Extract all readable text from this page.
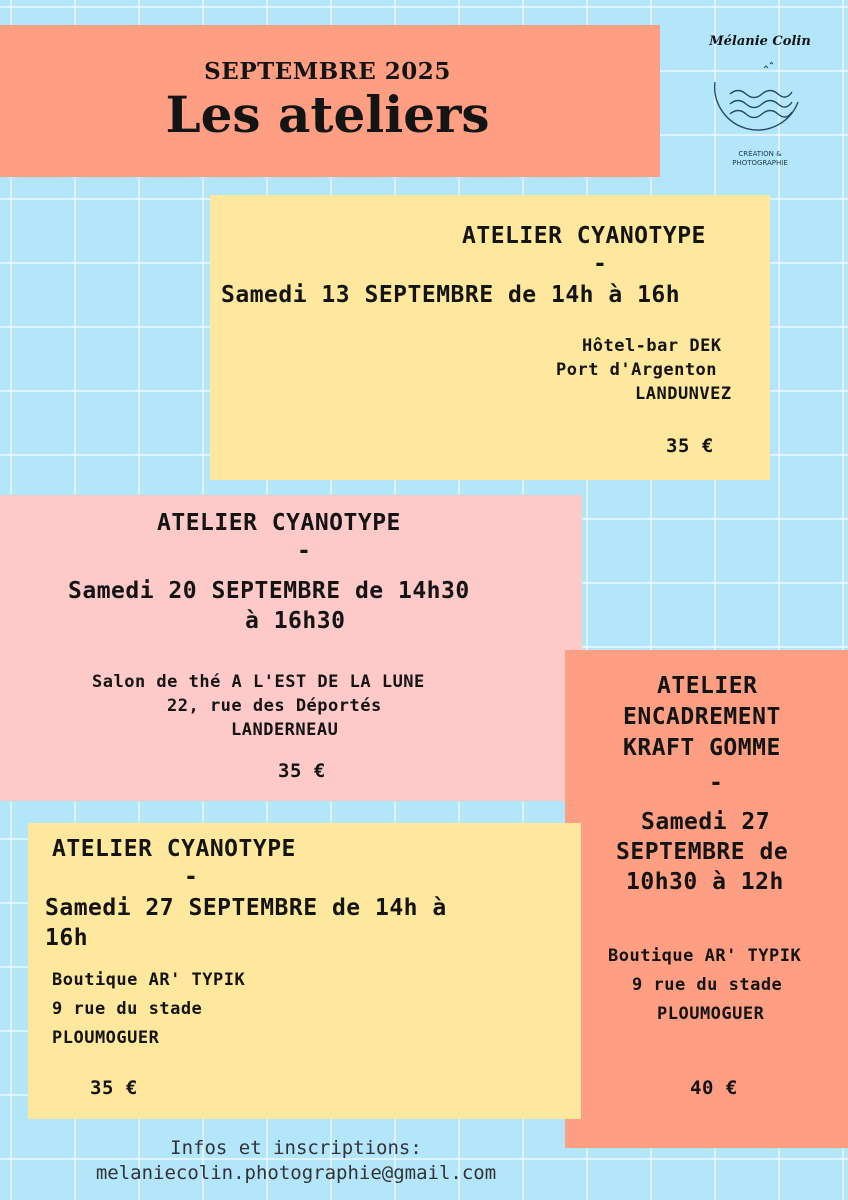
SEPTEMBRE 2025
Les ateliers
Mélanie Colin
CRÉATION &
PHOTOGRAPHIE
ATELIER CYANOTYPE
-
Samedi 13 SEPTEMBRE de 14h à 16h
Hôtel-bar DEK
Port d'Argenton
LANDUNVEZ
35 €
ATELIER CYANOTYPE
-
Samedi 20 SEPTEMBRE de 14h30
à 16h30
Salon de thé A L'EST DE LA LUNE
22, rue des Déportés
LANDERNEAU
35 €
ATELIER
ENCADREMENT
KRAFT GOMME
-
Samedi 27
SEPTEMBRE de
10h30 à 12h
Boutique AR' TYPIK
9 rue du stade
PLOUMOGUER
40 €
ATELIER CYANOTYPE
-
Samedi 27 SEPTEMBRE de 14h à
16h
Boutique AR' TYPIK
9 rue du stade
PLOUMOGUER
35 €
Infos et inscriptions:
melaniecolin.photographie@gmail.com
